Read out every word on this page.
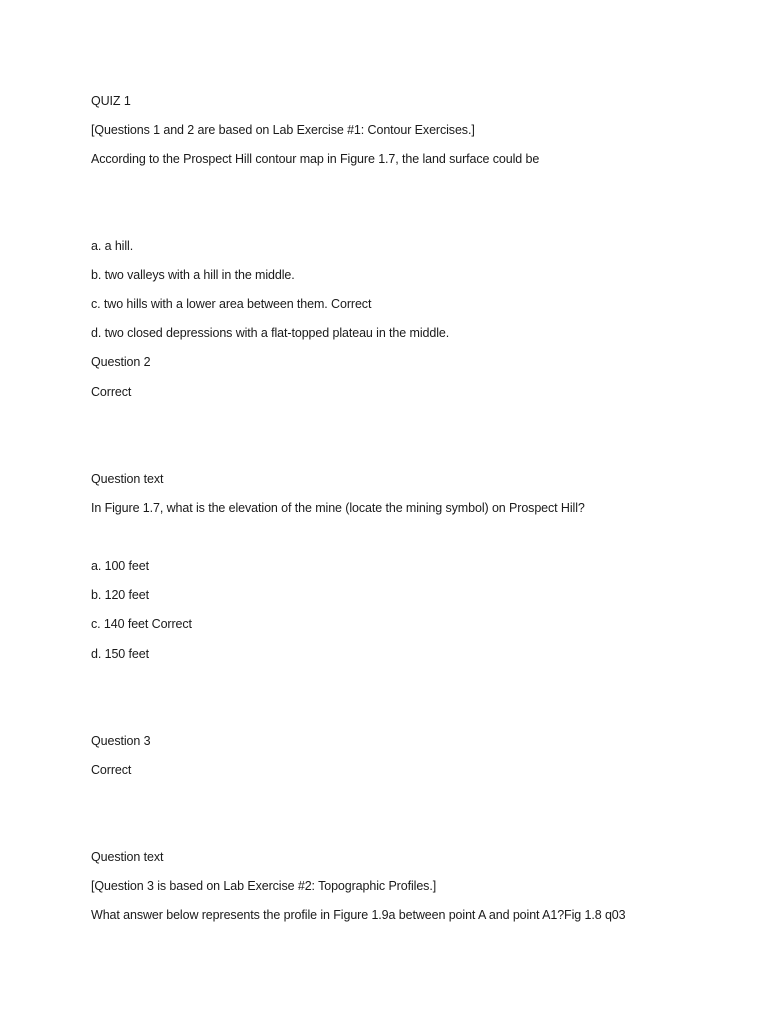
QUIZ 1
[Questions 1 and 2 are based on Lab Exercise #1: Contour Exercises.]
According to the Prospect Hill contour map in Figure 1.7, the land surface could be
a. a hill.
b. two valleys with a hill in the middle.
c. two hills with a lower area between them. Correct
d. two closed depressions with a flat-topped plateau in the middle.
Question 2
Correct
Question text
In Figure 1.7, what is the elevation of the mine (locate the mining symbol) on Prospect Hill?
a. 100 feet
b. 120 feet
c. 140 feet Correct
d. 150 feet
Question 3
Correct
Question text
[Question 3 is based on Lab Exercise #2: Topographic Profiles.]
What answer below represents the profile in Figure 1.9a between point A and point A1?Fig 1.8 q03
